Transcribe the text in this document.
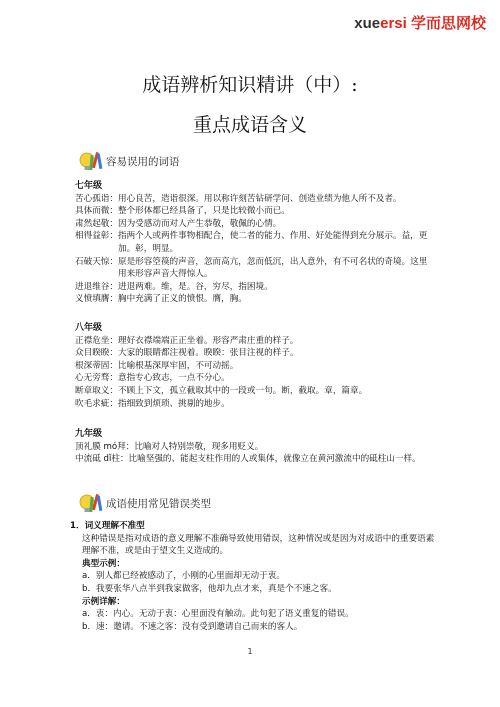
xueersi 学而思网校
成语辨析知识精讲（中）:
重点成语含义
容易误用的词语
七年级
苦心孤诣： 用心良苦，造诣很深。用以称许刻苦钻研学问、创造业绩为他人所不及者。
具体而微： 整个形体都已经具备了，只是比较微小而已。
肃然起敬： 因为受感动而对人产生恭敬，敬佩的心情。
相得益彰： 指两个人或两件事物相配合，使二者的能力、作用、好处能得到充分展示。益，更加。彰，明显。
石破天惊： 原是形容箜篌的声音，忽而高亢，忽而低沉，出人意外，有不可名状的奇境。这里用来形容声音大得惊人。
进退维谷： 进退两难。维，是。谷，穷尽，指困境。
义愤填膺： 胸中充满了正义的愤恨。膺，胸。
八年级
正襟危坐： 理好衣襟端端正正坐着。形容严肃庄重的样子。
众目睽睽： 大家的眼睛都注视着。睽睽：张目注视的样子。
根深蒂固： 比喻根基深厚牢固，不可动摇。
心无旁骛： 意指专心致志，一点不分心。
断章取义： 不顾上下文，孤立截取其中的一段或一句。断，截取。章，篇章。
吹毛求疵： 指细致到烦琐、挑剔的地步。
九年级
顶礼膜 mó拜： 比喻对人特别崇敬，现多用贬义。
中流砥 dǐ柱： 比喻坚强的、能起支柱作用的人或集体，就像立在黄河激流中的砥柱山一样。
成语使用常见错误类型
1．词义理解不准型
这种错误是指对成语的意义理解不准确导致使用错误，这种情况或是因为对成语中的重要语素理解不准，或是由于望文生义造成的。
典型示例：
a．别人都已经被感动了，小刚的心里面却无动于衷。
b．我要张华八点半到我家做客，他却九点才来，真是个不速之客。
示例详解：
a．衷：内心。无动于衷：心里面没有触动。此句犯了语义重复的错误。
b．速：邀请。不速之客：没有受到邀请自己而来的客人。
1
